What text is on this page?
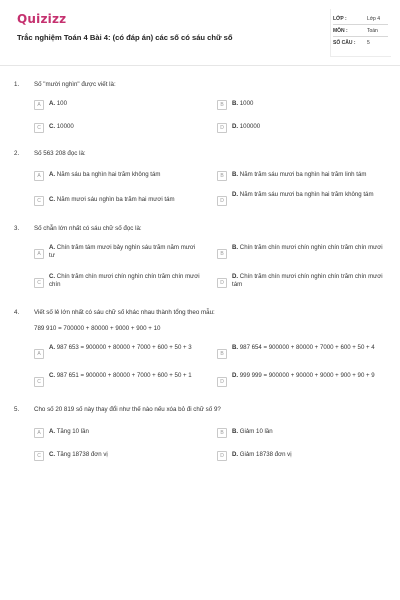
Quizizz
Trắc nghiệm Toán 4 Bài 4: (có đáp án) các số có sáu chữ số
LỚP :	Lớp 4
MÔN :	Toán
SỐ CÂU : 5
1. Số "mười nghìn" được viết là:
A	A. 100	B	B. 1000
C	C. 10000	D	D. 100000
2. Số 563 208 đọc là:
A	A. Năm sáu ba nghìn hai trăm không tám	B	B. Năm trăm sáu mươi ba nghìn hai trăm linh tám
C	C. Năm mươi sáu nghìn ba trăm hai mươi tám	D
D. Năm trăm sáu mươi ba nghìn hai trăm không tám
3. Số chẵn lớn nhất có sáu chữ số đọc là:
A
A. Chín trăm tám mươi bảy nghìn sáu trăm năm mươi tư	B
B. Chín trăm chín mươi chín nghìn chín trăm chín mươi
C
C. Chín trăm chín mươi chín nghìn chín trăm chín mươi chín	D
D. Chín trăm chín mươi chín nghìn chín trăm chín mươi tám
4. Viết số lẻ lớn nhất có sáu chữ số khác nhau thành tổng theo mẫu:
789 910 = 700000 + 80000 + 9000 + 900 + 10
A
A. 987 653 = 900000 + 80000 + 7000 + 600 + 50 + 3
B
B. 987 654 = 900000 + 80000 + 7000 + 600 + 50 + 4
C
C. 987 651 = 900000 + 80000 + 7000 + 600 + 50 + 1
D
D. 999 999 = 900000 + 90000 + 9000 + 900 + 90 + 9
5. Cho số 20 819 số này thay đổi như thế nào nếu xóa bỏ đi chữ số 9?
A	A. Tăng 10 lần	B	B. Giảm 10 lần
C	C. Tăng 18738 đơn vị	D	D. Giảm 18738 đơn vị
